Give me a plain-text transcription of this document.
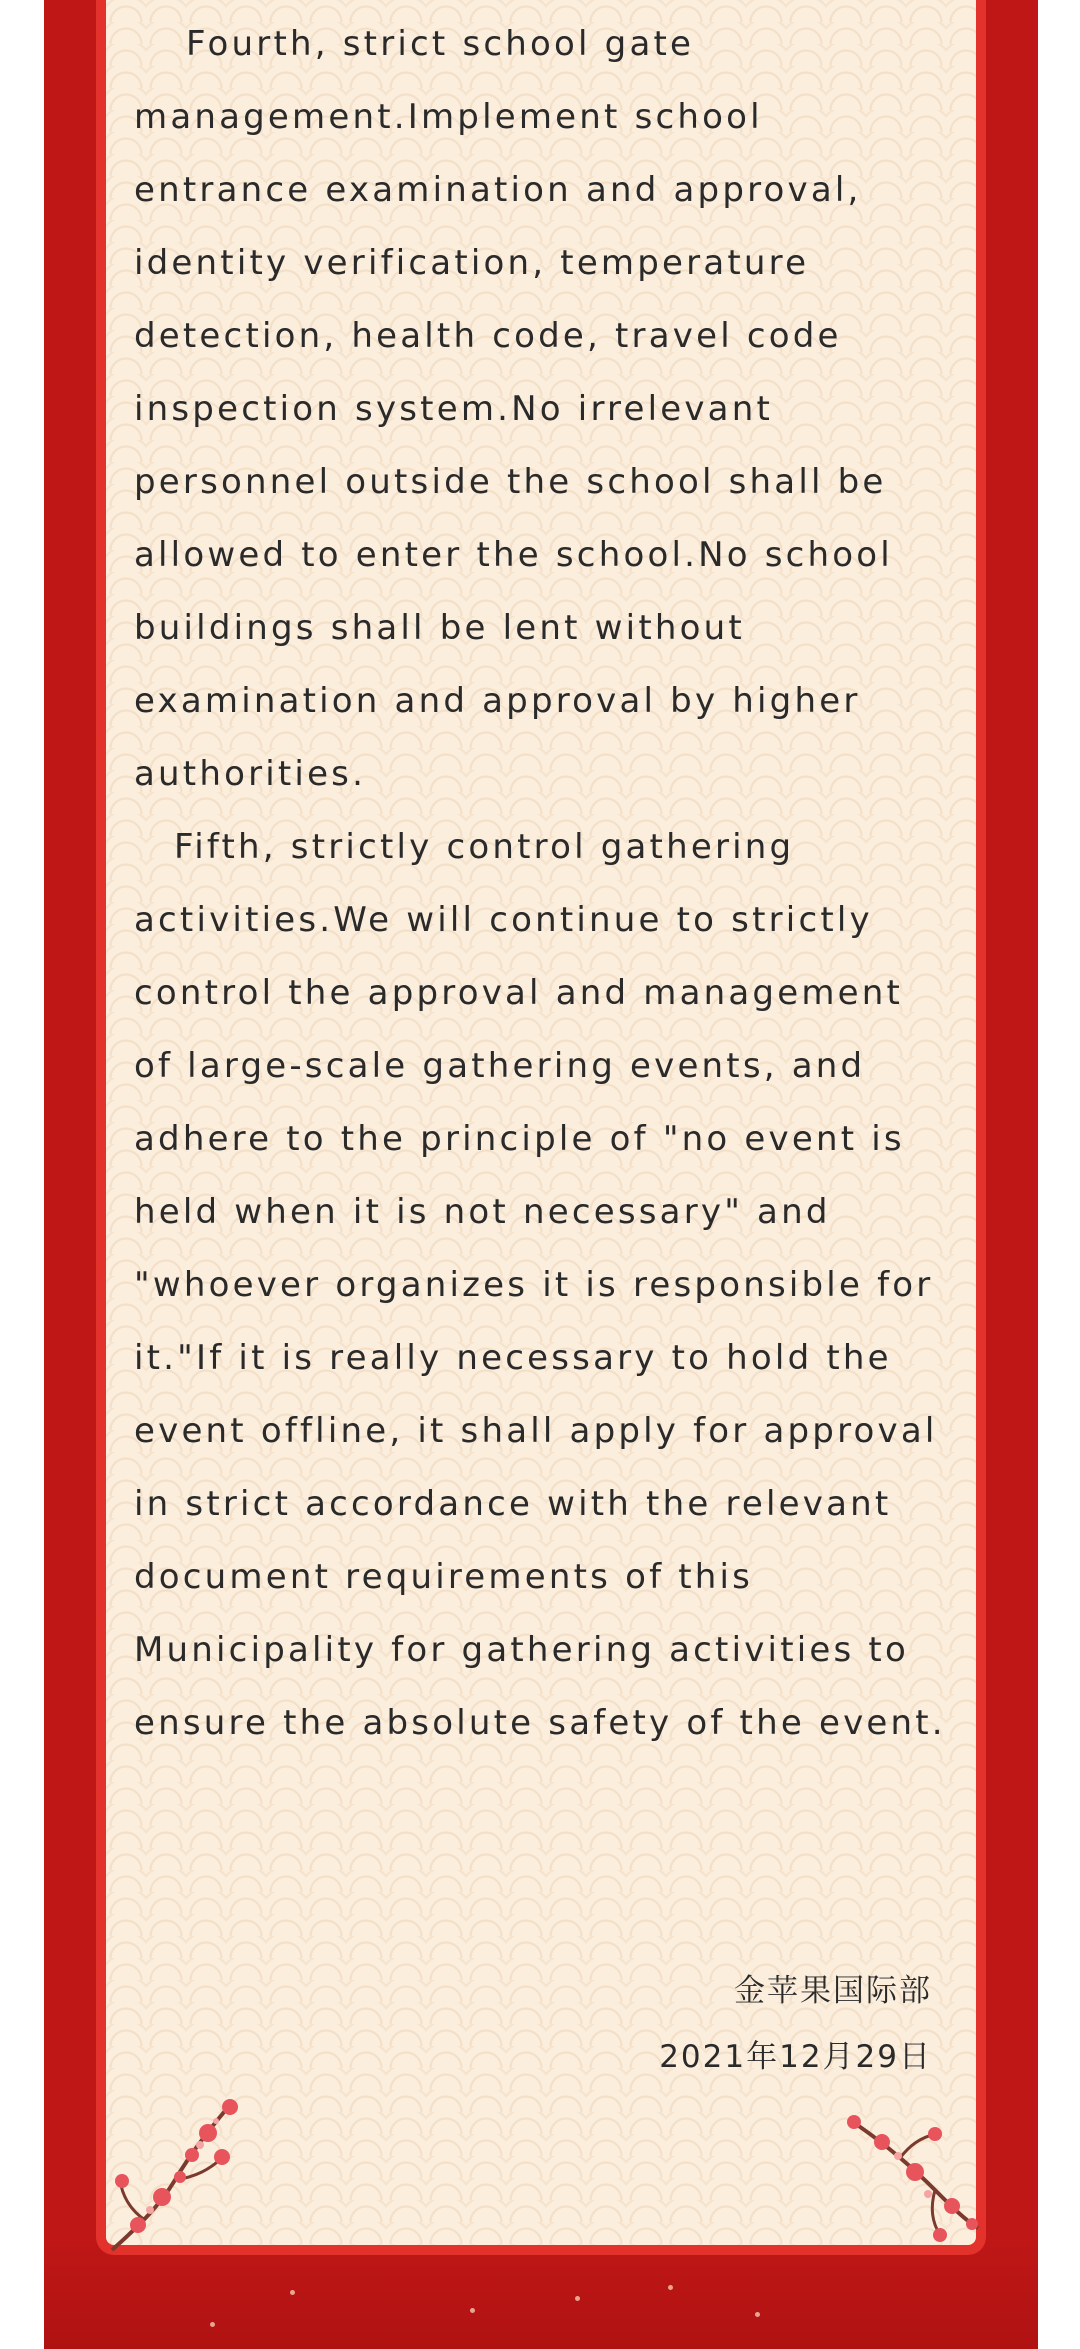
Fourth, strict school gate management.Implement school entrance examination and approval, identity verification, temperature detection, health code, travel code inspection system.No irrelevant personnel outside the school shall be allowed to enter the school.No school buildings shall be lent without examination and approval by higher authorities.

Fifth, strictly control gathering activities.We will continue to strictly control the approval and management of large-scale gathering events, and adhere to the principle of "no event is held when it is not necessary" and "whoever organizes it is responsible for it."If it is really necessary to hold the event offline, it shall apply for approval in strict accordance with the relevant document requirements of this Municipality for gathering activities to ensure the absolute safety of the event.

金苹果国际部
2021年12月29日
